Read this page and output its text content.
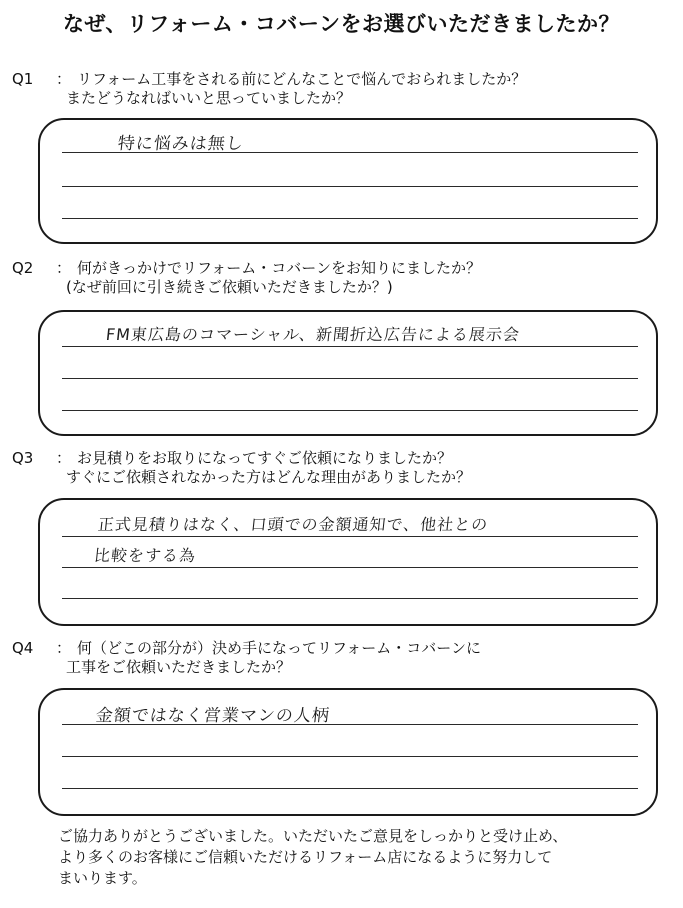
なぜ、リフォーム・コバーンをお選びいただきましたか？
Q1 ： リフォーム工事をされる前にどんなことで悩んでおられましたか？
またどうなればいいと思っていましたか？
特に悩みは無し
Q2 ： 何がきっかけでリフォーム・コバーンをお知りにましたか？
(なぜ前回に引き続きご依頼いただきましたか？)
FM東広島のコマーシャル、新聞折込広告による展示会
Q3 ： お見積りをお取りになってすぐご依頼になりましたか？
すぐにご依頼されなかった方はどんな理由がありましたか？
正式見積りはなく、口頭での金額通知で、他社との
比較をする為
Q4 ： 何（どこの部分が）決め手になってリフォーム・コバーンに
工事をご依頼いただきましたか？
金額ではなく営業マンの人柄
ご協力ありがとうございました。いただいたご意見をしっかりと受け止め、
より多くのお客様にご信頼いただけるリフォーム店になるように努力して
まいります。
